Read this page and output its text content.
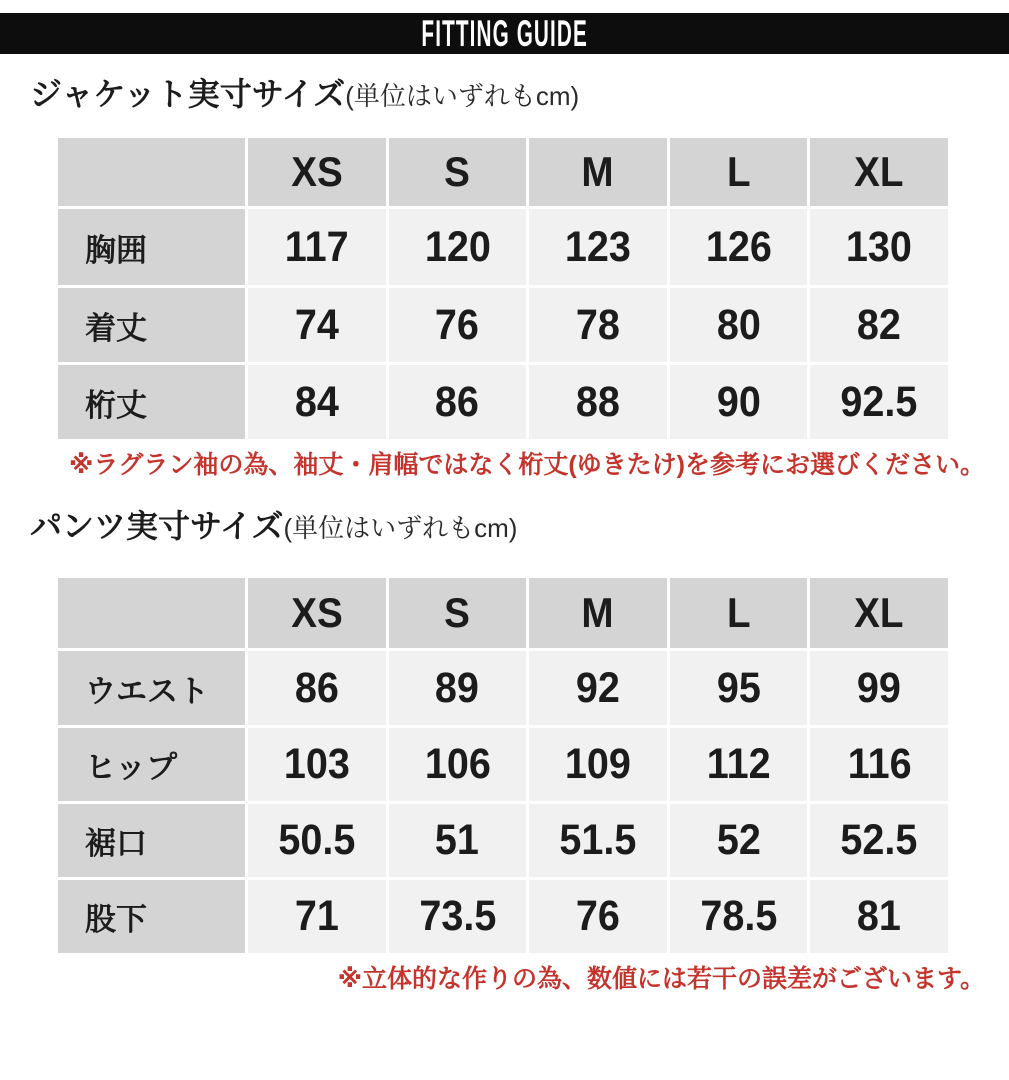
FITTING GUIDE
ジャケット実寸サイズ(単位はいずれもcm)
XS S	M	L XL
胸囲	117 120 123 126 130
着丈	74 76 78 80 82
桁丈	84 86 88 90 92.5
※ラグラン袖の為、袖丈・肩幅ではなく桁丈(ゆきたけ)を参考にお選びください。
パンツ実寸サイズ(単位はいずれもcm)
XS S	M	L XL
ウエスト	86 89 92 95 99
ヒップ	103 106 109 112 116
裾口	50.5 51 51.5 52 52.5
股下	71 73.5 76 78.5 81
※立体的な作りの為、数値には若干の誤差がございます。
